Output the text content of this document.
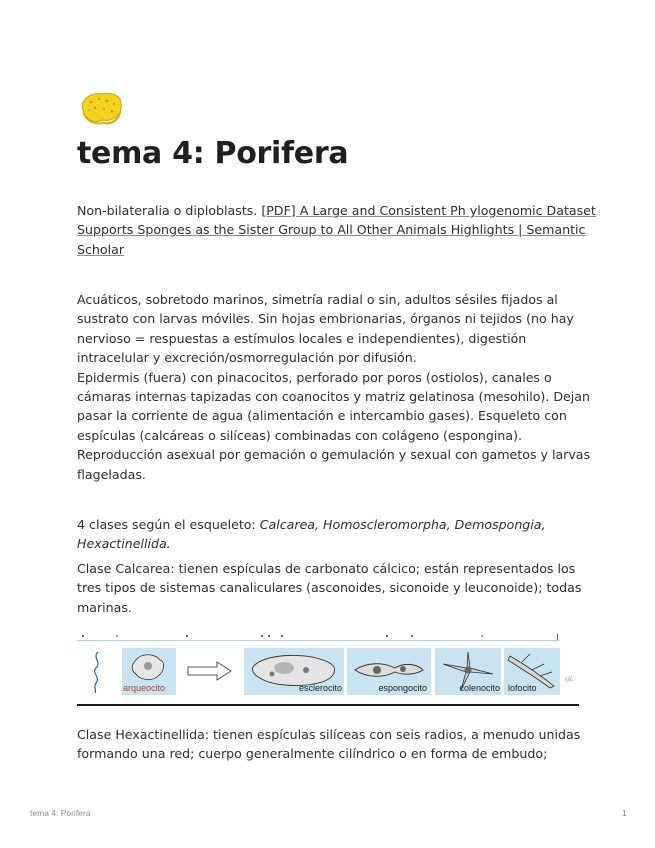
tema 4: Porifera

Non-bilateralia o diploblasts. [PDF] A Large and Consistent Ph ylogenomic Dataset
Supports Sponges as the Sister Group to All Other Animals Highlights | Semantic
Scholar

Acuáticos, sobretodo marinos, simetría radial o sin, adultos sésiles fijados al
sustrato con larvas móviles. Sin hojas embrionarias, órganos ni tejidos (no hay
nervioso = respuestas a estímulos locales e independientes), digestión
intracelular y excreción/osmorregulación por difusión.
Epidermis (fuera) con pinacocitos, perforado por poros (ostiolos), canales o
cámaras internas tapizadas con coanocitos y matriz gelatinosa (mesohilo). Dejan
pasar la corriente de agua (alimentación e intercambio gases). Esqueleto con
espículas (calcáreas o silíceas) combinadas con colágeno (espongina).
Reproducción asexual por gemación o gemulación y sexual con gametos y larvas
flageladas.

4 clases según el esqueleto: Calcarea, Homoscleromorpha, Demospongia,
Hexactinellida.

Clase Calcarea: tienen espículas de carbonato cálcico; están representados los
tres tipos de sistemas canaliculares (asconoides, siconoide y leuconoide); todas
marinas.

arqueocito	esclerocito	espongocito	colenocito lofocito
r/c

Clase Hexactinellida: tienen espículas silíceas con seis radios, a menudo unidas
formando una red; cuerpo generalmente cilíndrico o en forma de embudo;

tema 4: Porifera	1
